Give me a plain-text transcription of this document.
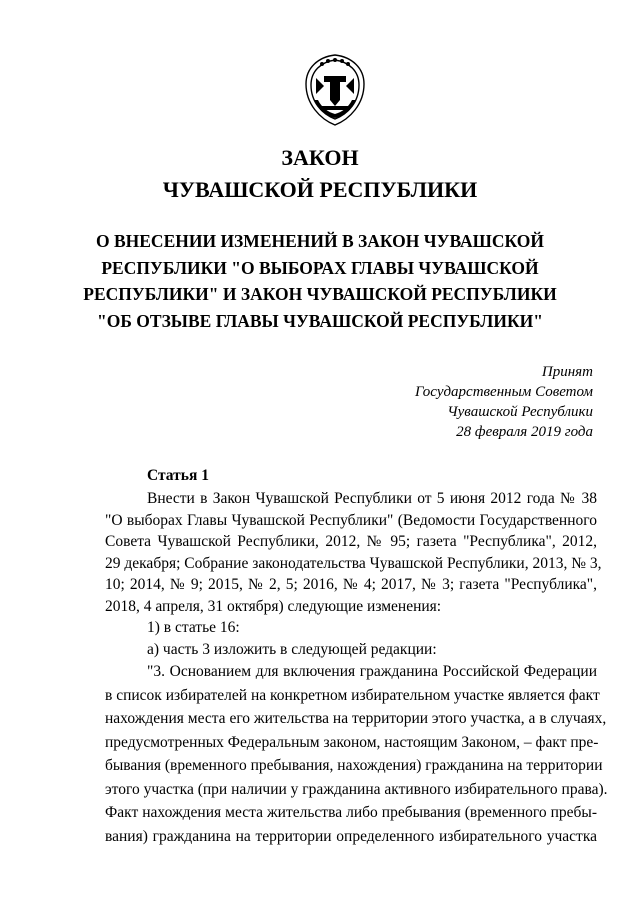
ЗАКОН
ЧУВАШСКОЙ РЕСПУБЛИКИ
О ВНЕСЕНИИ ИЗМЕНЕНИЙ В ЗАКОН ЧУВАШСКОЙ
РЕСПУБЛИКИ "О ВЫБОРАХ ГЛАВЫ ЧУВАШСКОЙ
РЕСПУБЛИКИ" И ЗАКОН ЧУВАШСКОЙ РЕСПУБЛИКИ
"ОБ ОТЗЫВЕ ГЛАВЫ ЧУВАШСКОЙ РЕСПУБЛИКИ"
Принят
Государственным Советом
Чувашской Республики
28 февраля 2019 года
Статья 1
Внести в Закон Чувашской Республики от 5 июня 2012 года № 38
"О выборах Главы Чувашской Республики" (Ведомости Государственного
Совета Чувашской Республики, 2012, № 95; газета "Республика", 2012,
29 декабря; Собрание законодательства Чувашской Республики, 2013, № 3,
10; 2014, № 9; 2015, № 2, 5; 2016, № 4; 2017, № 3; газета "Республика",
2018, 4 апреля, 31 октября) следующие изменения:
1) в статье 16:
а) часть 3 изложить в следующей редакции:
"3. Основанием для включения гражданина Российской Федерации
в список избирателей на конкретном избирательном участке является факт
нахождения места его жительства на территории этого участка, а в случаях,
предусмотренных Федеральным законом, настоящим Законом, – факт пре-
бывания (временного пребывания, нахождения) гражданина на территории
этого участка (при наличии у гражданина активного избирательного права).
Факт нахождения места жительства либо пребывания (временного пребы-
вания) гражданина на территории определенного избирательного участка
